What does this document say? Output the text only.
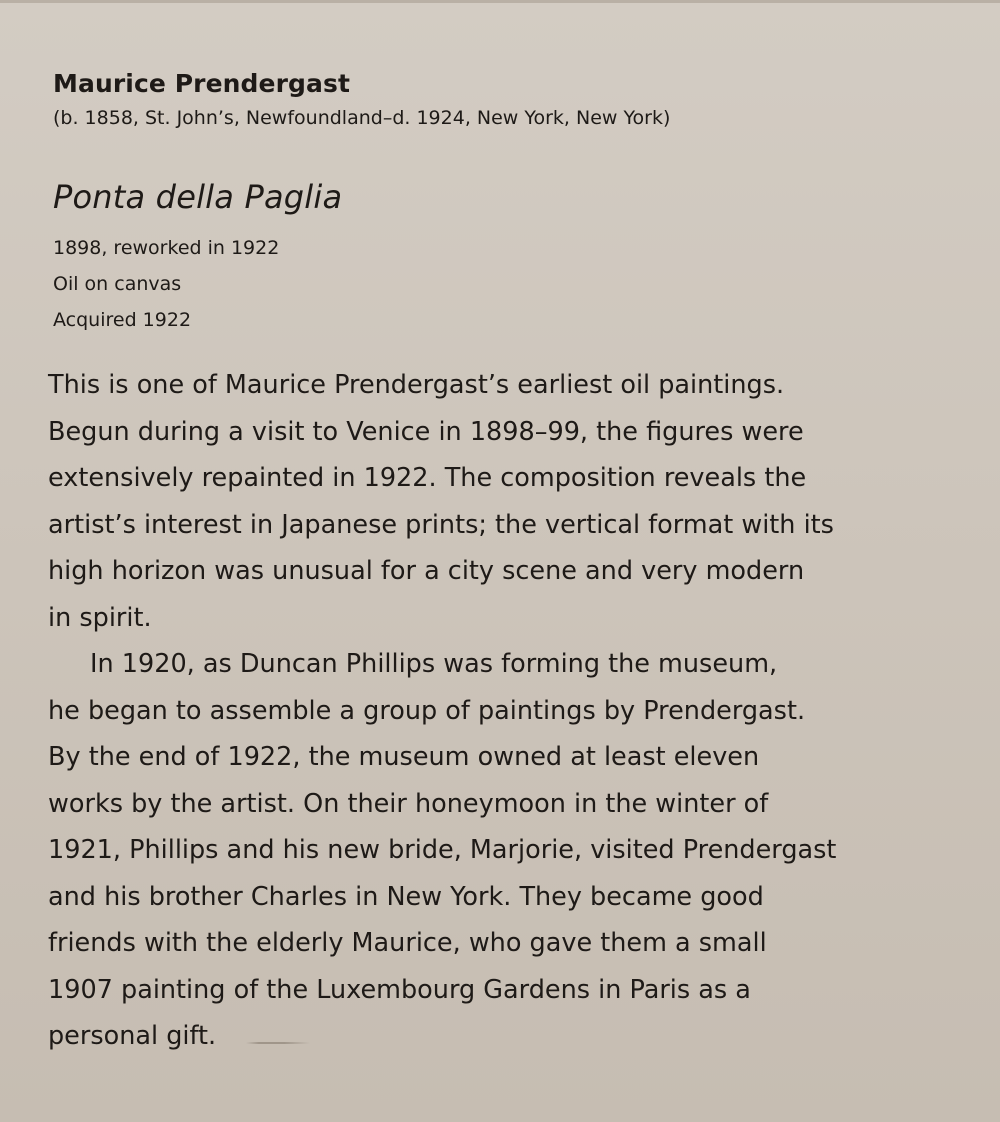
Maurice Prendergast
(b. 1858, St. John’s, Newfoundland–d. 1924, New York, New York)
Ponta della Paglia
1898, reworked in 1922
Oil on canvas
Acquired 1922

This is one of Maurice Prendergast’s earliest oil paintings.
Begun during a visit to Venice in 1898–99, the figures were
extensively repainted in 1922. The composition reveals the
artist’s interest in Japanese prints; the vertical format with its
high horizon was unusual for a city scene and very modern
in spirit.

In 1920, as Duncan Phillips was forming the museum,
he began to assemble a group of paintings by Prendergast.
By the end of 1922, the museum owned at least eleven
works by the artist. On their honeymoon in the winter of
1921, Phillips and his new bride, Marjorie, visited Prendergast
and his brother Charles in New York. They became good
friends with the elderly Maurice, who gave them a small
1907 painting of the Luxembourg Gardens in Paris as a
personal gift.
